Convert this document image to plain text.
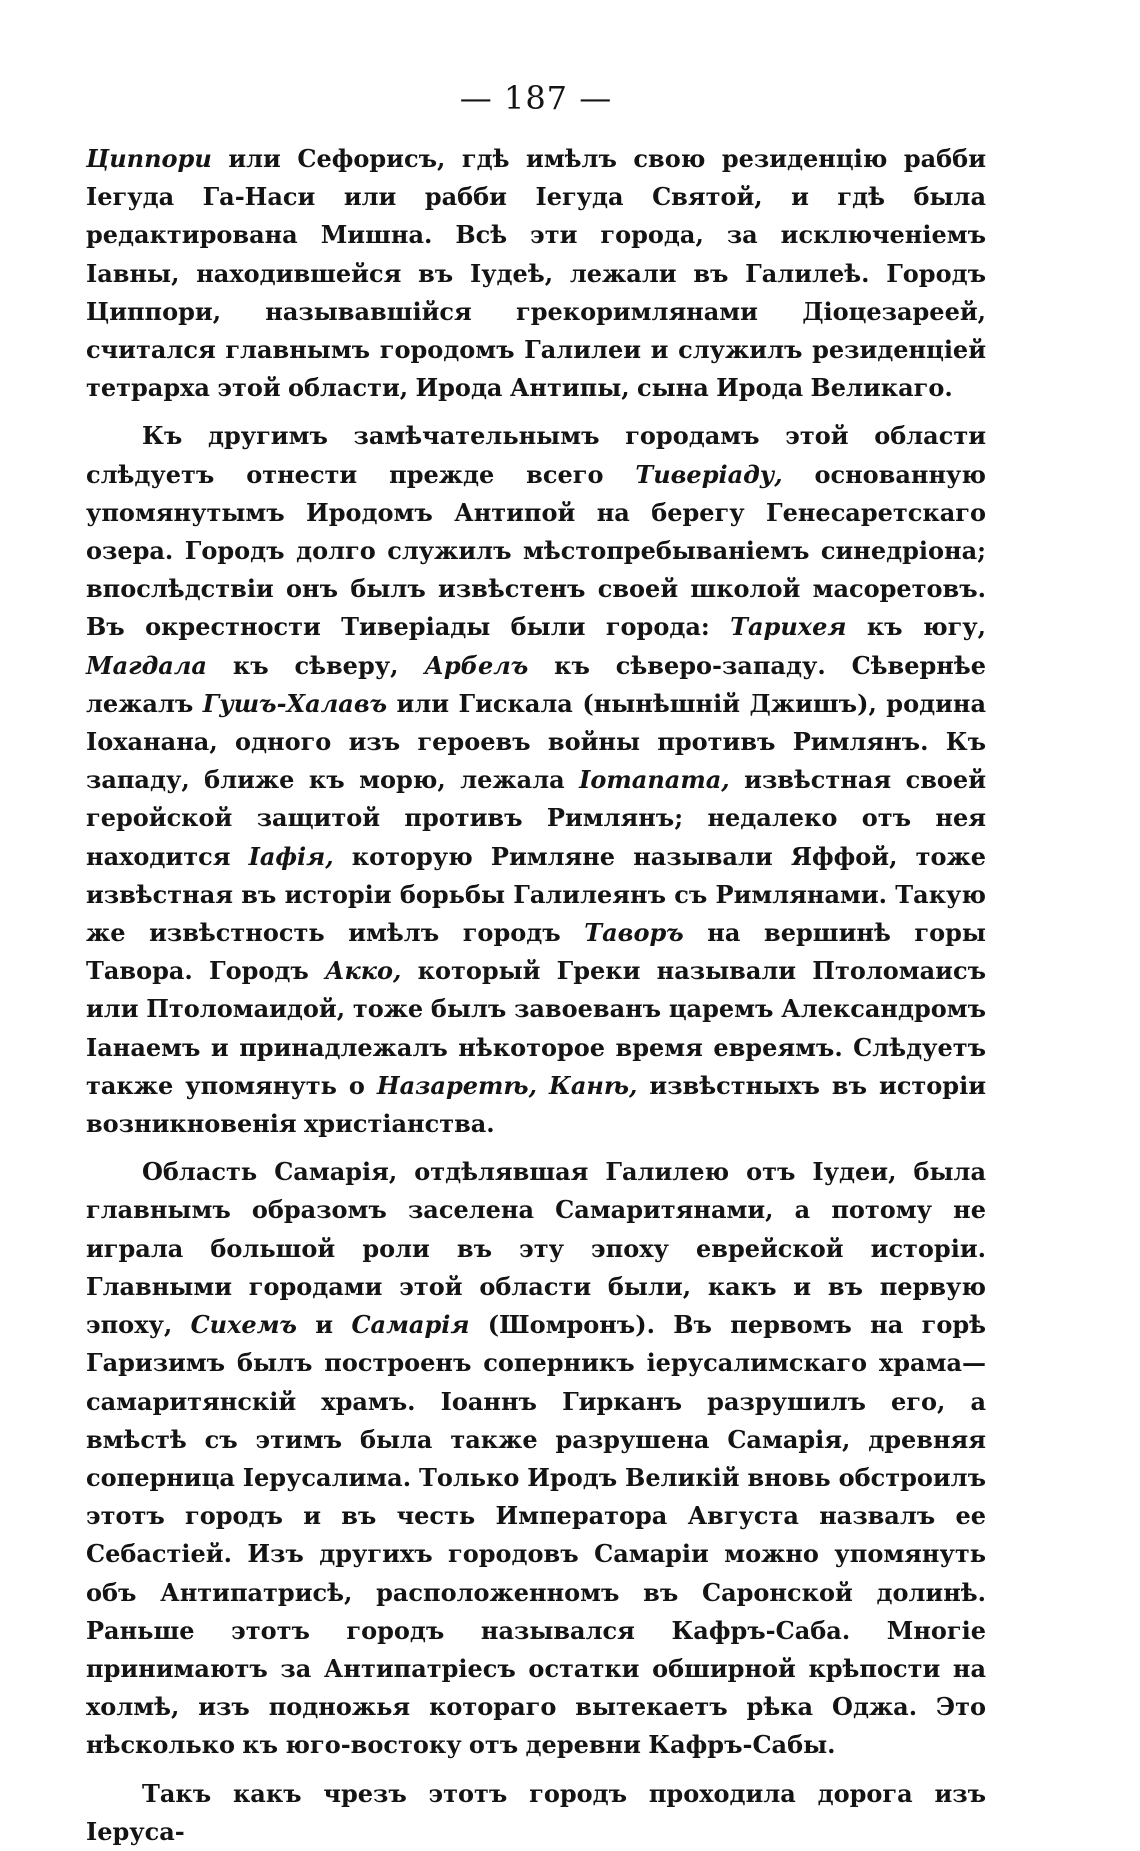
— 187 —

Циппори или Сефорисъ, гдѣ имѣлъ свою резиденцію рабби Іегуда Га-Наси или рабби Іегуда Святой, и гдѣ была редактирована Мишна. Всѣ эти города, за исключеніемъ Іавны, находившейся въ Іудеѣ, лежали въ Галилеѣ. Городъ Циппори, называвшійся грекоримлянами Діоцезареей, считался главнымъ городомъ Галилеи и служилъ резиденціей тетрарха этой области, Ирода Антипы, сына Ирода Великаго.

Къ другимъ замѣчательнымъ городамъ этой области слѣдуетъ отнести прежде всего Тиверіаду, основанную упомянутымъ Иродомъ Антипой на берегу Генесаретскаго озера. Городъ долго служилъ мѣстопребываніемъ синедріона; впослѣдствіи онъ былъ извѣстенъ своей школой масоретовъ. Въ окрестности Тиверіады были города: Тарихея къ югу, Магдала къ сѣверу, Арбелъ къ сѣверо-западу. Сѣвернѣе лежалъ Гушъ-Халавъ или Гискала (нынѣшній Джишъ), родина Іоханана, одного изъ героевъ войны противъ Римлянъ. Къ западу, ближе къ морю, лежала Іотапата, извѣстная своей геройской защитой противъ Римлянъ; недалеко отъ нея находится Іафія, которую Римляне называли Яффой, тоже извѣстная въ исторіи борьбы Галилеянъ съ Римлянами. Такую же извѣстность имѣлъ городъ Таворъ на вершинѣ горы Тавора. Городъ Акко, который Греки называли Птоломаисъ или Птоломаидой, тоже былъ завоеванъ царемъ Александромъ Іанаемъ и принадлежалъ нѣкоторое время евреямъ. Слѣдуетъ также упомянуть о Назаретѣ, Канѣ, извѣстныхъ въ исторіи возникновенія христіанства.

Область Самарія, отдѣлявшая Галилею отъ Іудеи, была главнымъ образомъ заселена Самаритянами, а потому не играла большой роли въ эту эпоху еврейской исторіи. Главными городами этой области были, какъ и въ первую эпоху, Сихемъ и Самарія (Шомронъ). Въ первомъ на горѣ Гаризимъ былъ построенъ соперникъ іерусалимскаго храма—самаритянскій храмъ. Іоаннъ Гирканъ разрушилъ его, а вмѣстѣ съ этимъ была также разрушена Самарія, древняя соперница Іерусалима. Только Иродъ Великій вновь обстроилъ этотъ городъ и въ честь Императора Августа назвалъ ее Себастіей. Изъ другихъ городовъ Самаріи можно упомянуть объ Антипатрисѣ, расположенномъ въ Саронской долинѣ. Раньше этотъ городъ назывался Кафръ-Саба. Многіе принимаютъ за Антипатріесъ остатки обширной крѣпости на холмѣ, изъ подножья котораго вытекаетъ рѣка Оджа. Это нѣсколько къ юго-востоку отъ деревни Кафръ-Сабы.

Такъ какъ чрезъ этотъ городъ проходила дорога изъ Іеруса-
